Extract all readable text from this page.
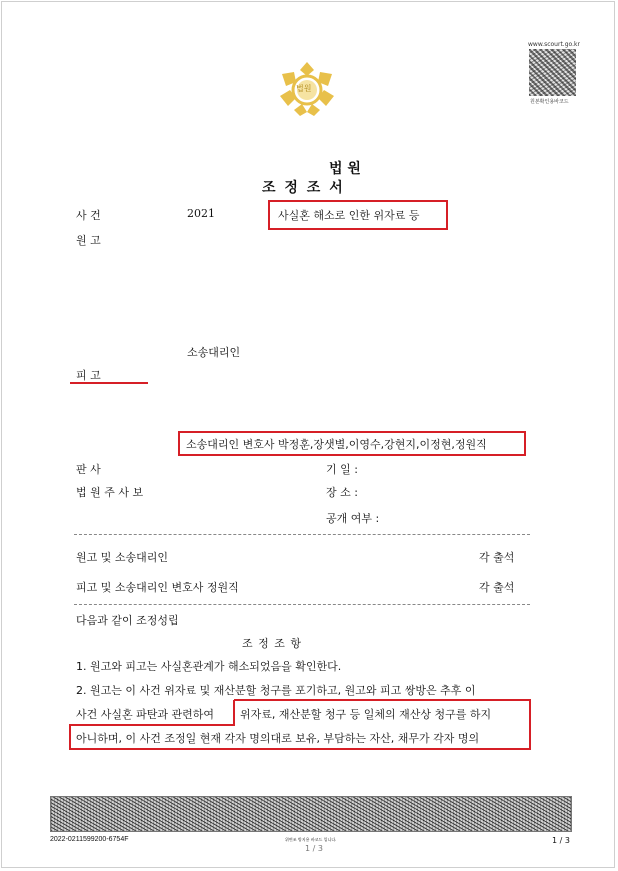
법원
www.scourt.go.kr
원본확인용바코드
법 원
조 정 조 서
사 건	2021	사실혼 해소로 인한 위자료 등
원 고
소송대리인
피 고
소송대리인 변호사 박정훈,장샛별,이영수,강현지,이정현,정원직
판 사
법 원 주 사 보
기 일 :
장 소 :
공개 여부 :
원고 및 소송대리인	각 출석
피고 및 소송대리인 변호사 정원직	각 출석
다음과 같이 조정성립
조 정 조 항
1. 원고와 피고는 사실혼관계가 해소되었음을 확인한다.
2. 원고는 이 사건 위자료 및 재산분할 청구를 포기하고, 원고와 피고 쌍방은 추후 이
사건 사실혼 파탄과 관련하여 위자료, 재산분할 청구 등 일체의 재산상 청구를 하지
아니하며, 이 사건 조정일 현재 각자 명의대로 보유, 부담하는 자산, 채무가 각자 명의
2022-0211599200-6754F	위변조 방지용 바코드 입니다.
1 / 3
1 / 3
